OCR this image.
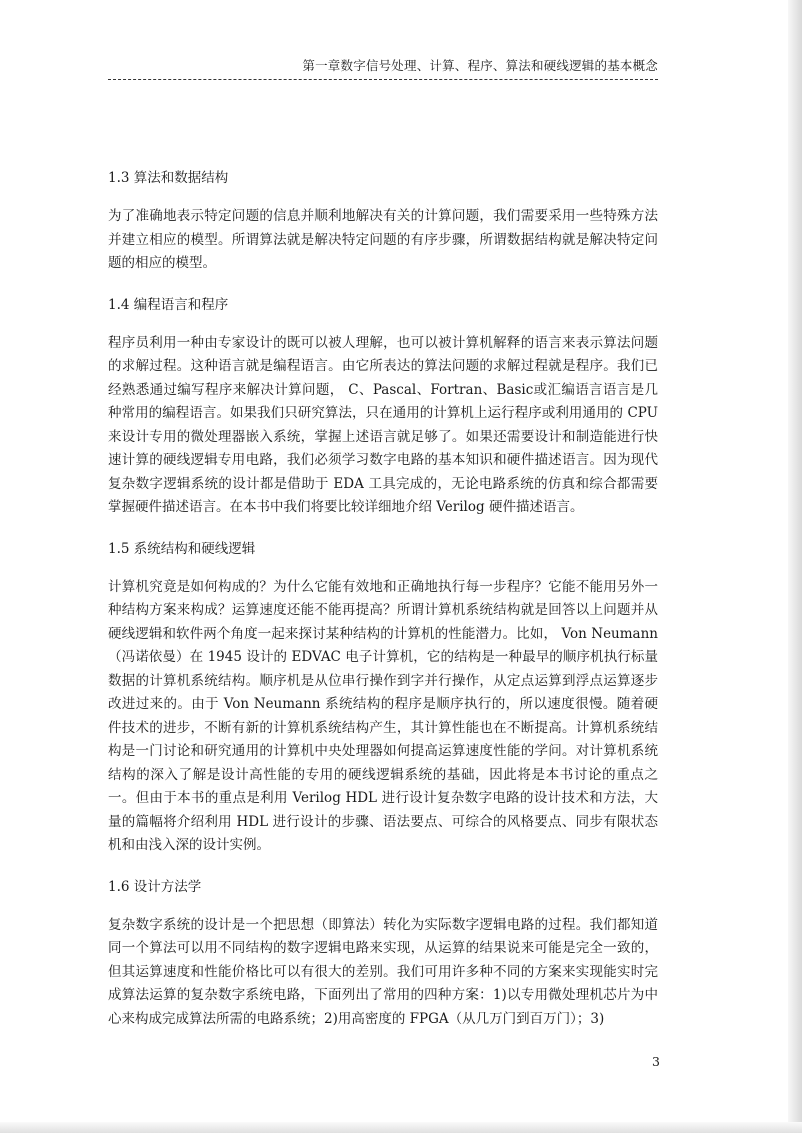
第一章数字信号处理、计算、程序、算法和硬线逻辑的基本概念
1.3 算法和数据结构

为了准确地表示特定问题的信息并顺利地解决有关的计算问题，我们需要采用一些特殊方法并建立相应的模型。所谓算法就是解决特定问题的有序步骤，所谓数据结构就是解决特定问题的相应的模型。

1.4 编程语言和程序

程序员利用一种由专家设计的既可以被人理解，也可以被计算机解释的语言来表示算法问题的求解过程。这种语言就是编程语言。由它所表达的算法问题的求解过程就是程序。我们已经熟悉通过编写程序来解决计算问题， C、Pascal、Fortran、Basic或汇编语言语言是几种常用的编程语言。如果我们只研究算法，只在通用的计算机上运行程序或利用通用的 CPU 来设计专用的微处理器嵌入系统，掌握上述语言就足够了。如果还需要设计和制造能进行快速计算的硬线逻辑专用电路，我们必须学习数字电路的基本知识和硬件描述语言。因为现代复杂数字逻辑系统的设计都是借助于 EDA 工具完成的，无论电路系统的仿真和综合都需要掌握硬件描述语言。在本书中我们将要比较详细地介绍 Verilog 硬件描述语言。

1.5 系统结构和硬线逻辑

计算机究竟是如何构成的？为什么它能有效地和正确地执行每一步程序？它能不能用另外一种结构方案来构成？运算速度还能不能再提高？所谓计算机系统结构就是回答以上问题并从硬线逻辑和软件两个角度一起来探讨某种结构的计算机的性能潜力。比如， Von Neumann（冯诺依曼）在 1945 设计的 EDVAC 电子计算机，它的结构是一种最早的顺序机执行标量数据的计算机系统结构。顺序机是从位串行操作到字并行操作，从定点运算到浮点运算逐步改进过来的。由于 Von Neumann 系统结构的程序是顺序执行的，所以速度很慢。随着硬件技术的进步，不断有新的计算机系统结构产生，其计算性能也在不断提高。计算机系统结构是一门讨论和研究通用的计算机中央处理器如何提高运算速度性能的学问。对计算机系统结构的深入了解是设计高性能的专用的硬线逻辑系统的基础，因此将是本书讨论的重点之一。但由于本书的重点是利用 Verilog HDL 进行设计复杂数字电路的设计技术和方法，大量的篇幅将介绍利用 HDL 进行设计的步骤、语法要点、可综合的风格要点、同步有限状态机和由浅入深的设计实例。

1.6 设计方法学

复杂数字系统的设计是一个把思想（即算法）转化为实际数字逻辑电路的过程。我们都知道同一个算法可以用不同结构的数字逻辑电路来实现，从运算的结果说来可能是完全一致的，但其运算速度和性能价格比可以有很大的差别。我们可用许多种不同的方案来实现能实时完成算法运算的复杂数字系统电路，下面列出了常用的四种方案：1)以专用微处理机芯片为中心来构成完成算法所需的电路系统；2)用高密度的 FPGA（从几万门到百万门）；3)

3
